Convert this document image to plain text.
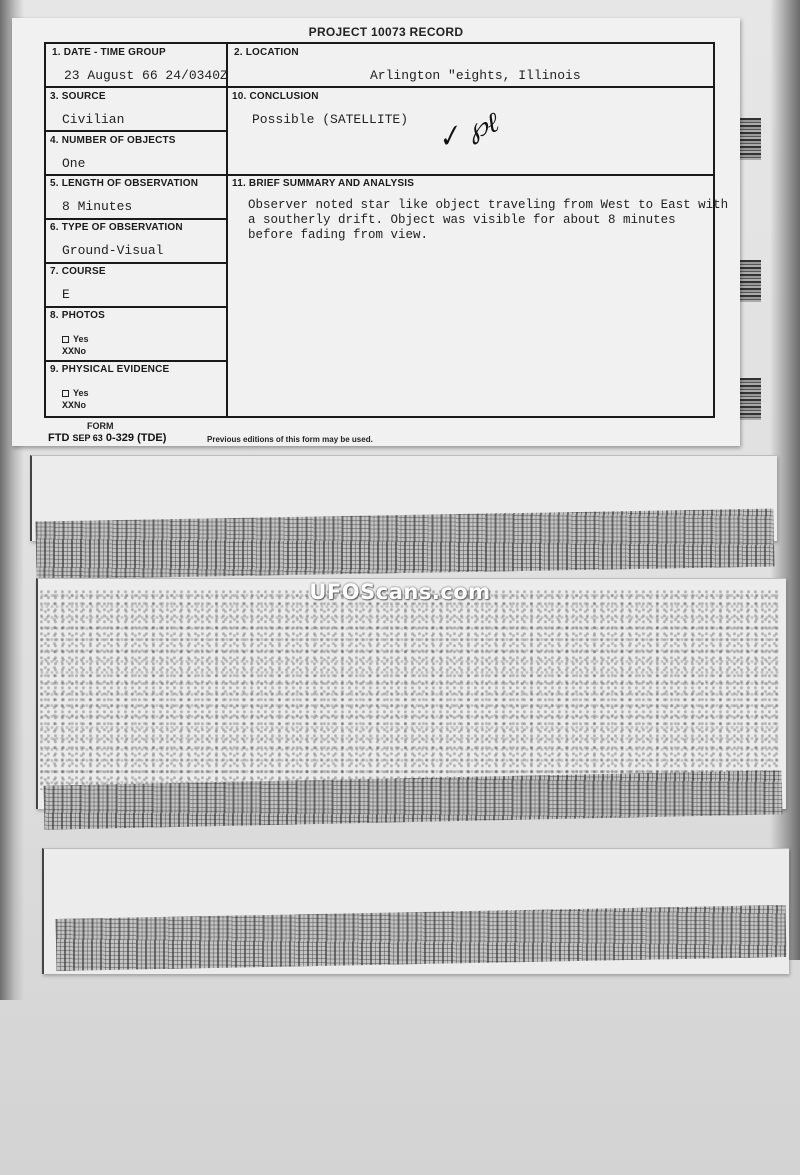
PROJECT 10073 RECORD
1. DATE - TIME GROUP
23 August 66 24/0340Z
3. SOURCE
Civilian
4. NUMBER OF OBJECTS
One
5. LENGTH OF OBSERVATION
8 Minutes
6. TYPE OF OBSERVATION
Ground-Visual
7. COURSE
E
8. PHOTOS
Yes
XXNo
9. PHYSICAL EVIDENCE
Yes
XXNo
2. LOCATION
Arlington "eights, Illinois
10. CONCLUSION
Possible (SATELLITE) ✓ ℘ℓ
11. BRIEF SUMMARY AND ANALYSIS
Observer noted star like object traveling from West to East with
a southerly drift. Object was visible for about 8 minutes
before fading from view.
FORM
FTD SEP 63 0-329 (TDE)	Previous editions of this form may be used.
UFOScans.com
